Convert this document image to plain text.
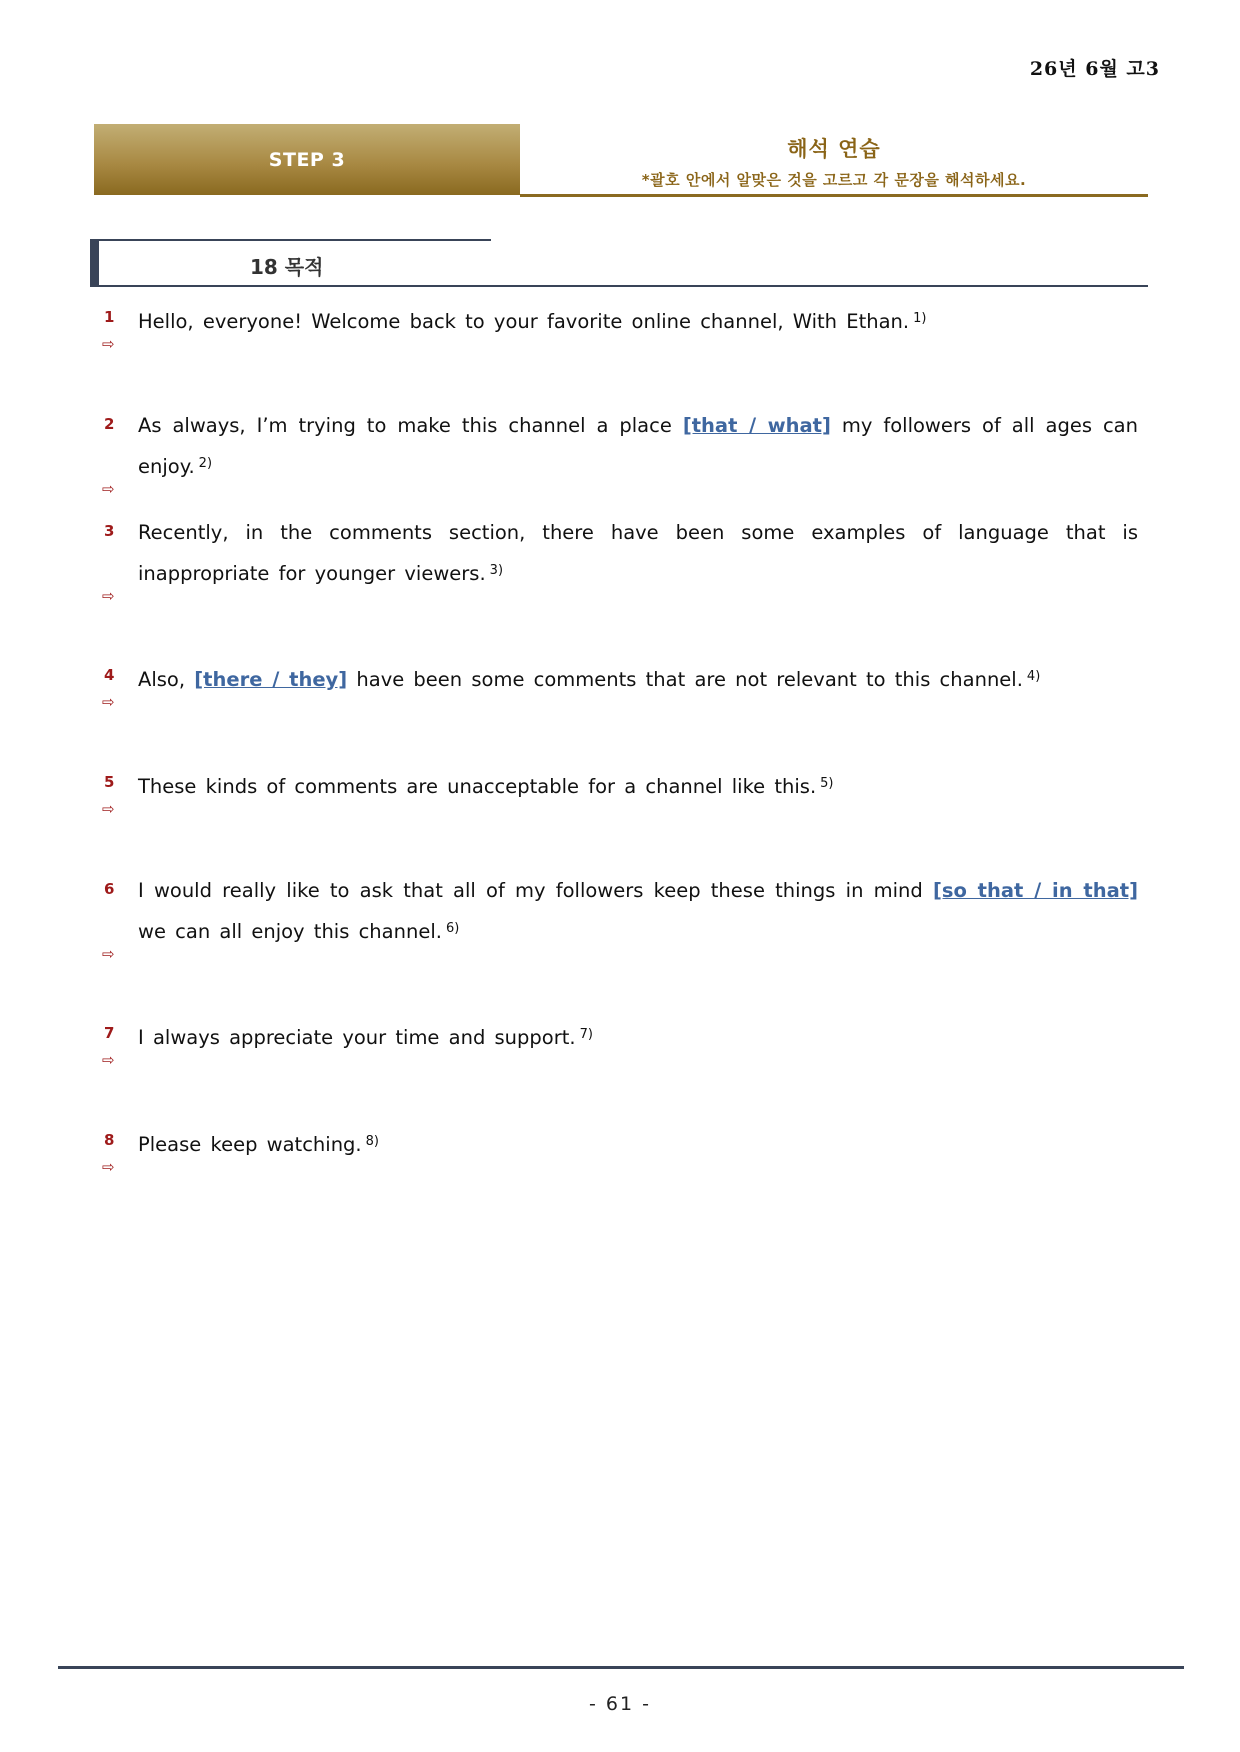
26년 6월 고3
STEP 3	해석 연습
*괄호 안에서 알맞은 것을 고르고 각 문장을 해석하세요.
18 목적
1 Hello, everyone! Welcome back to your favorite online channel, With Ethan. $^{1)}$
⇨
2 As always, I’m trying to make this channel a place [that / what] my followers of all ages can enjoy. $^{2)}$
⇨
3 Recently, in the comments section, there have been some examples of language that is inappropriate for younger viewers. $^{3)}$
⇨
4 Also, [there / they] have been some comments that are not relevant to this channel. $^{4)}$
⇨
5 These kinds of comments are unacceptable for a channel like this. $^{5)}$
⇨
6 I would really like to ask that all of my followers keep these things in mind [so that / in that] we can all enjoy this channel. $^{6)}$
⇨
7 I always appreciate your time and support. $^{7)}$
⇨
8 Please keep watching. $^{8)}$
⇨
- 61 -
